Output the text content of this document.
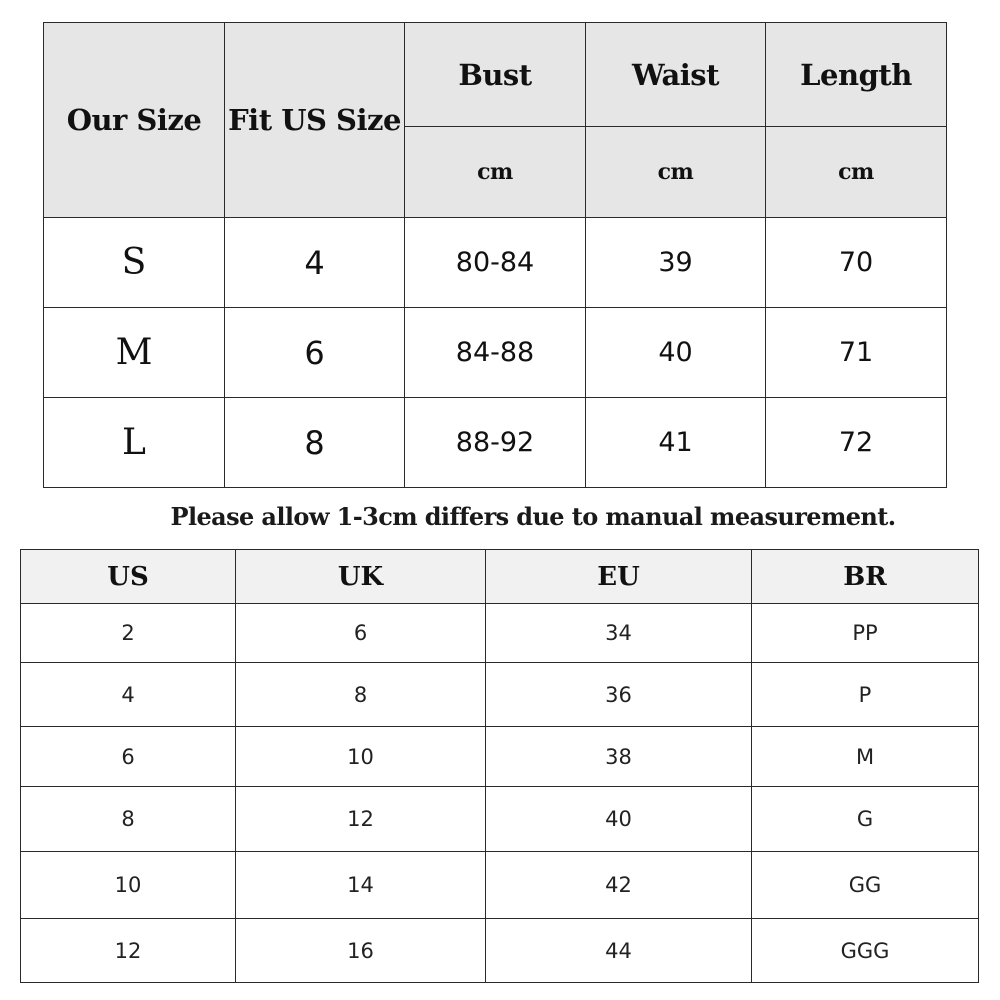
Our Size	Fit US Size	Bust	Waist	Length
		cm	cm	cm
S	4	80-84	39	70
M	6	84-88	40	71
L	8	88-92	41	72
Please allow 1-3cm differs due to manual measurement.
US	UK	EU	BR
2	6	34	PP
4	8	36	P
6	10	38	M
8	12	40	G
10	14	42	GG
12	16	44	GGG
